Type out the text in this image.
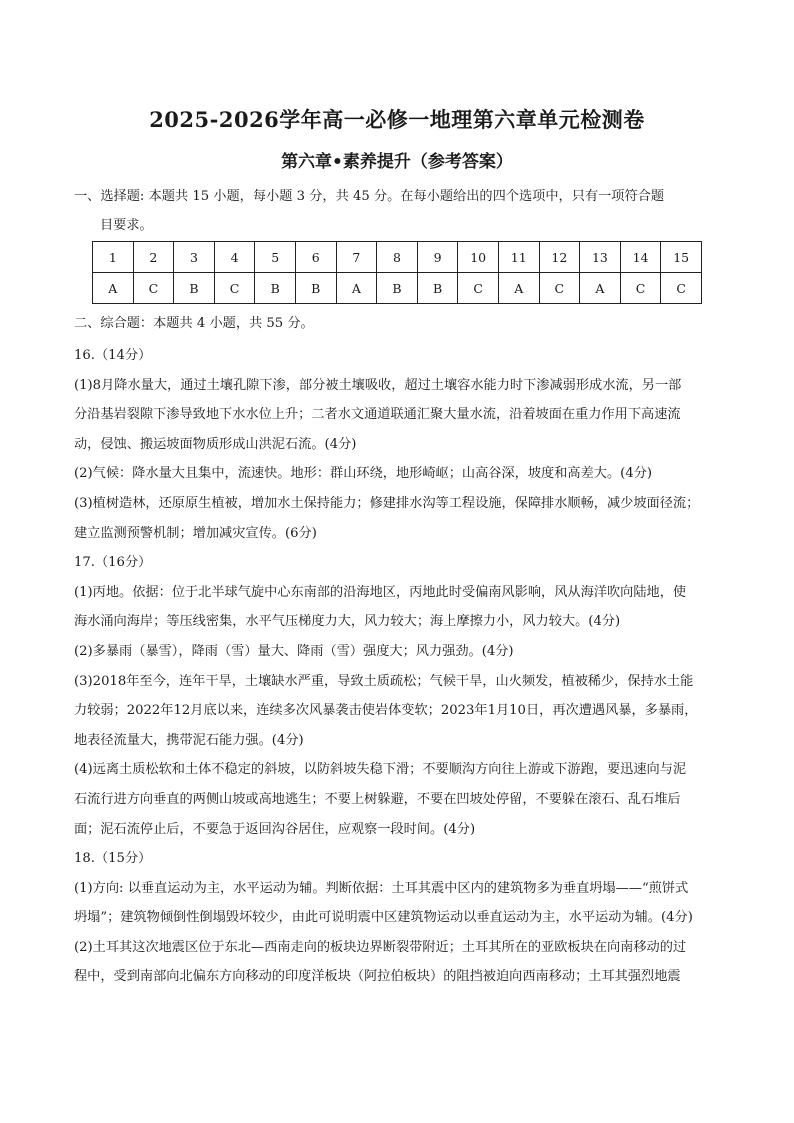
2025-2026学年高一必修一地理第六章单元检测卷
第六章•素养提升（参考答案）
一、选择题: 本题共 15 小题，每小题 3 分，共 45 分。在每小题给出的四个选项中，只有一项符合题
目要求。
1	2	3	4	5	6	7	8	9	10	11	12	13	14	15
A	C	B	C	B	B	A	B	B	C	A	C	A	C	C
二、综合题：本题共 4 小题，共 55 分。

16.（14分）

(1)8月降水量大，通过土壤孔隙下渗，部分被土壤吸收，超过土壤容水能力时下渗减弱形成水流，另一部

分沿基岩裂隙下渗导致地下水水位上升；二者水文通道联通汇聚大量水流，沿着坡面在重力作用下高速流

动，侵蚀、搬运坡面物质形成山洪泥石流。(4分)

(2)气候：降水量大且集中，流速快。地形：群山环绕，地形崎岖；山高谷深，坡度和高差大。(4分)

(3)植树造林，还原原生植被，增加水土保持能力；修建排水沟等工程设施，保障排水顺畅，减少坡面径流；

建立监测预警机制；增加减灾宣传。(6分)

17.（16分）

(1)丙地。依据：位于北半球气旋中心东南部的沿海地区，丙地此时受偏南风影响，风从海洋吹向陆地，使

海水涌向海岸；等压线密集，水平气压梯度力大，风力较大；海上摩擦力小，风力较大。(4分)

(2)多暴雨（暴雪），降雨（雪）量大、降雨（雪）强度大；风力强劲。(4分)

(3)2018年至今，连年干旱，土壤缺水严重，导致土质疏松；气候干旱，山火频发，植被稀少，保持水土能

力较弱；2022年12月底以来，连续多次风暴袭击使岩体变软；2023年1月10日，再次遭遇风暴，多暴雨，

地表径流量大，携带泥石能力强。(4分)

(4)远离土质松软和土体不稳定的斜坡，以防斜坡失稳下滑；不要顺沟方向往上游或下游跑，要迅速向与泥

石流行进方向垂直的两侧山坡或高地逃生；不要上树躲避，不要在凹坡处停留，不要躲在滚石、乱石堆后

面；泥石流停止后，不要急于返回沟谷居住，应观察一段时间。(4分)

18.（15分）

(1)方向: 以垂直运动为主，水平运动为辅。判断依据：土耳其震中区内的建筑物多为垂直坍塌——“煎饼式

坍塌”；建筑物倾倒性倒塌毁坏较少，由此可说明震中区建筑物运动以垂直运动为主，水平运动为辅。(4分)

(2)土耳其这次地震区位于东北—西南走向的板块边界断裂带附近；土耳其所在的亚欧板块在向南移动的过

程中，受到南部向北偏东方向移动的印度洋板块（阿拉伯板块）的阻挡被迫向西南移动；土耳其强烈地震
